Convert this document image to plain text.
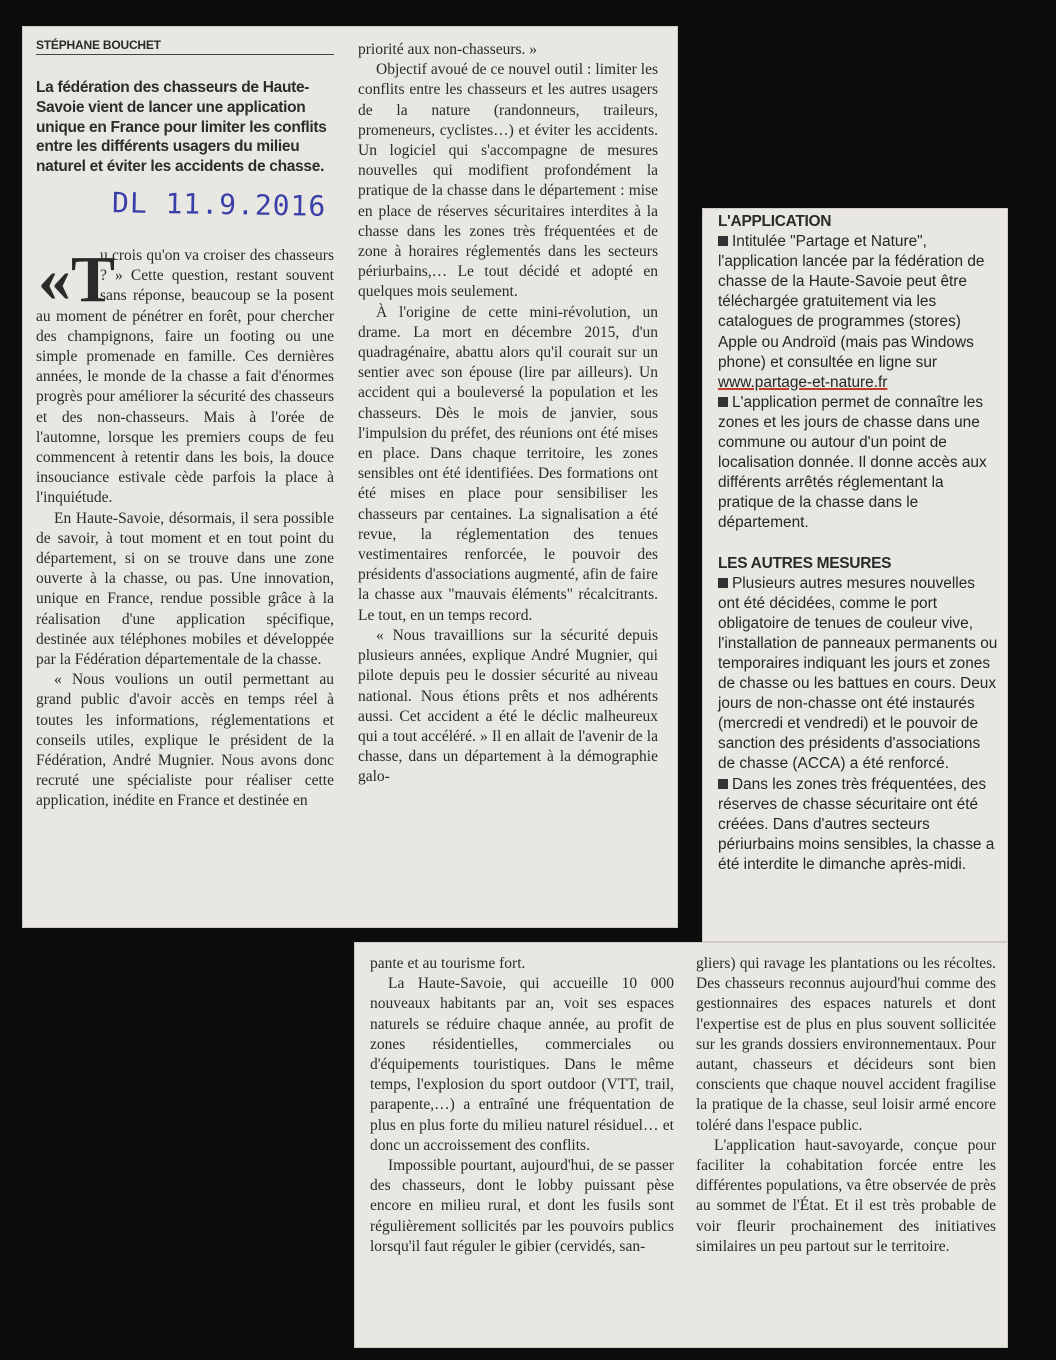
STÉPHANE BOUCHET
La fédération des chasseurs de Haute-Savoie vient de lancer une application unique en France pour limiter les conflits entre les différents usagers du milieu naturel et éviter les accidents de chasse.
DL 11.9.2016
«T

u crois qu'on va croiser des chasseurs ? » Cette question, restant souvent sans réponse, beaucoup se la posent au moment de pénétrer en forêt, pour chercher des champignons, faire un footing ou une simple promenade en famille. Ces dernières années, le monde de la chasse a fait d'énormes progrès pour améliorer la sécurité des chasseurs et des non-chasseurs. Mais à l'orée de l'automne, lorsque les premiers coups de feu commencent à retentir dans les bois, la douce insouciance estivale cède parfois la place à l'inquiétude.

En Haute-Savoie, désormais, il sera possible de savoir, à tout moment et en tout point du département, si on se trouve dans une zone ouverte à la chasse, ou pas. Une innovation, unique en France, rendue possible grâce à la réalisation d'une application spécifique, destinée aux téléphones mobiles et développée par la Fédération départementale de la chasse.

« Nous voulions un outil permettant au grand public d'avoir accès en temps réel à toutes les informations, réglementations et conseils utiles, explique le président de la Fédération, André Mugnier. Nous avons donc recruté une spécialiste pour réaliser cette application, inédite en France et destinée en

priorité aux non-chasseurs. »

Objectif avoué de ce nouvel outil : limiter les conflits entre les chasseurs et les autres usagers de la nature (randonneurs, traileurs, promeneurs, cyclistes…) et éviter les accidents. Un logiciel qui s'accompagne de mesures nouvelles qui modifient profondément la pratique de la chasse dans le département : mise en place de réserves sécuritaires interdites à la chasse dans les zones très fréquentées et de zone à horaires réglementés dans les secteurs périurbains,… Le tout décidé et adopté en quelques mois seulement.

À l'origine de cette mini-révolution, un drame. La mort en décembre 2015, d'un quadragénaire, abattu alors qu'il courait sur un sentier avec son épouse (lire par ailleurs). Un accident qui a bouleversé la population et les chasseurs. Dès le mois de janvier, sous l'impulsion du préfet, des réunions ont été mises en place. Dans chaque territoire, les zones sensibles ont été identifiées. Des formations ont été mises en place pour sensibiliser les chasseurs par centaines. La signalisation a été revue, la réglementation des tenues vestimentaires renforcée, le pouvoir des présidents d'associations augmenté, afin de faire la chasse aux "mauvais éléments" récalcitrants. Le tout, en un temps record.

« Nous travaillions sur la sécurité depuis plusieurs années, explique André Mugnier, qui pilote depuis peu le dossier sécurité au niveau national. Nous étions prêts et nos adhérents aussi. Cet accident a été le déclic malheureux qui a tout accéléré. » Il en allait de l'avenir de la chasse, dans un département à la démographie galo-

L'APPLICATION

Intitulée "Partage et Nature", l'application lancée par la fédération de chasse de la Haute-Savoie peut être téléchargée gratuitement via les catalogues de programmes (stores) Apple ou Androïd (mais pas Windows phone) et consultée en ligne sur www.partage-et-nature.fr

L'application permet de connaître les zones et les jours de chasse dans une commune ou autour d'un point de localisation donnée. Il donne accès aux différents arrêtés réglementant la pratique de la chasse dans le département.

LES AUTRES MESURES

Plusieurs autres mesures nouvelles ont été décidées, comme le port obligatoire de tenues de couleur vive, l'installation de panneaux permanents ou temporaires indiquant les jours et zones de chasse ou les battues en cours. Deux jours de non-chasse ont été instaurés (mercredi et vendredi) et le pouvoir de sanction des présidents d'associations de chasse (ACCA) a été renforcé.

Dans les zones très fréquentées, des réserves de chasse sécuritaire ont été créées. Dans d'autres secteurs périurbains moins sensibles, la chasse a été interdite le dimanche après-midi.

pante et au tourisme fort.

La Haute-Savoie, qui accueille 10 000 nouveaux habitants par an, voit ses espaces naturels se réduire chaque année, au profit de zones résidentielles, commerciales ou d'équipements touristiques. Dans le même temps, l'explosion du sport outdoor (VTT, trail, parapente,…) a entraîné une fréquentation de plus en plus forte du milieu naturel résiduel… et donc un accroissement des conflits.

Impossible pourtant, aujourd'hui, de se passer des chasseurs, dont le lobby puissant pèse encore en milieu rural, et dont les fusils sont régulièrement sollicités par les pouvoirs publics lorsqu'il faut réguler le gibier (cervidés, san-

gliers) qui ravage les plantations ou les récoltes. Des chasseurs reconnus aujourd'hui comme des gestionnaires des espaces naturels et dont l'expertise est de plus en plus souvent sollicitée sur les grands dossiers environnementaux. Pour autant, chasseurs et décideurs sont bien conscients que chaque nouvel accident fragilise la pratique de la chasse, seul loisir armé encore toléré dans l'espace public.

L'application haut-savoyarde, conçue pour faciliter la cohabitation forcée entre les différentes populations, va être observée de près au sommet de l'État. Et il est très probable de voir fleurir prochainement des initiatives similaires un peu partout sur le territoire.
